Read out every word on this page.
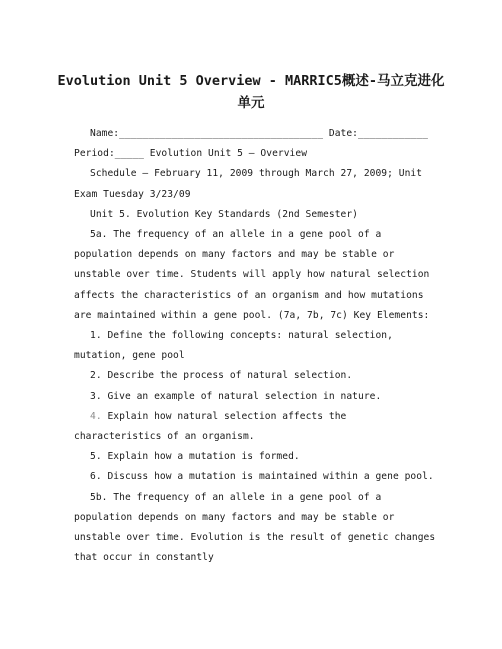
Evolution Unit 5 Overview - MARRIC5概述-马立克进化
单元

Name:___________________________________ Date:____________

Period:_____ Evolution Unit 5 – Overview

Schedule – February 11, 2009 through March 27, 2009; Unit Exam Tuesday 3/23/09

Unit 5. Evolution Key Standards (2nd Semester)

5a. The frequency of an allele in a gene pool of a population depends on many factors and may be stable or unstable over time. Students will apply how natural selection affects the characteristics of an organism and how mutations are maintained within a gene pool. (7a, 7b, 7c) Key Elements:

1. Define the following concepts: natural selection, mutation, gene pool

2. Describe the process of natural selection.

3. Give an example of natural selection in nature.

4. Explain how natural selection affects the characteristics of an organism.

5. Explain how a mutation is formed.

6. Discuss how a mutation is maintained within a gene pool.

5b. The frequency of an allele in a gene pool of a population depends on many factors and may be stable or unstable over time. Evolution is the result of genetic changes that occur in constantly
